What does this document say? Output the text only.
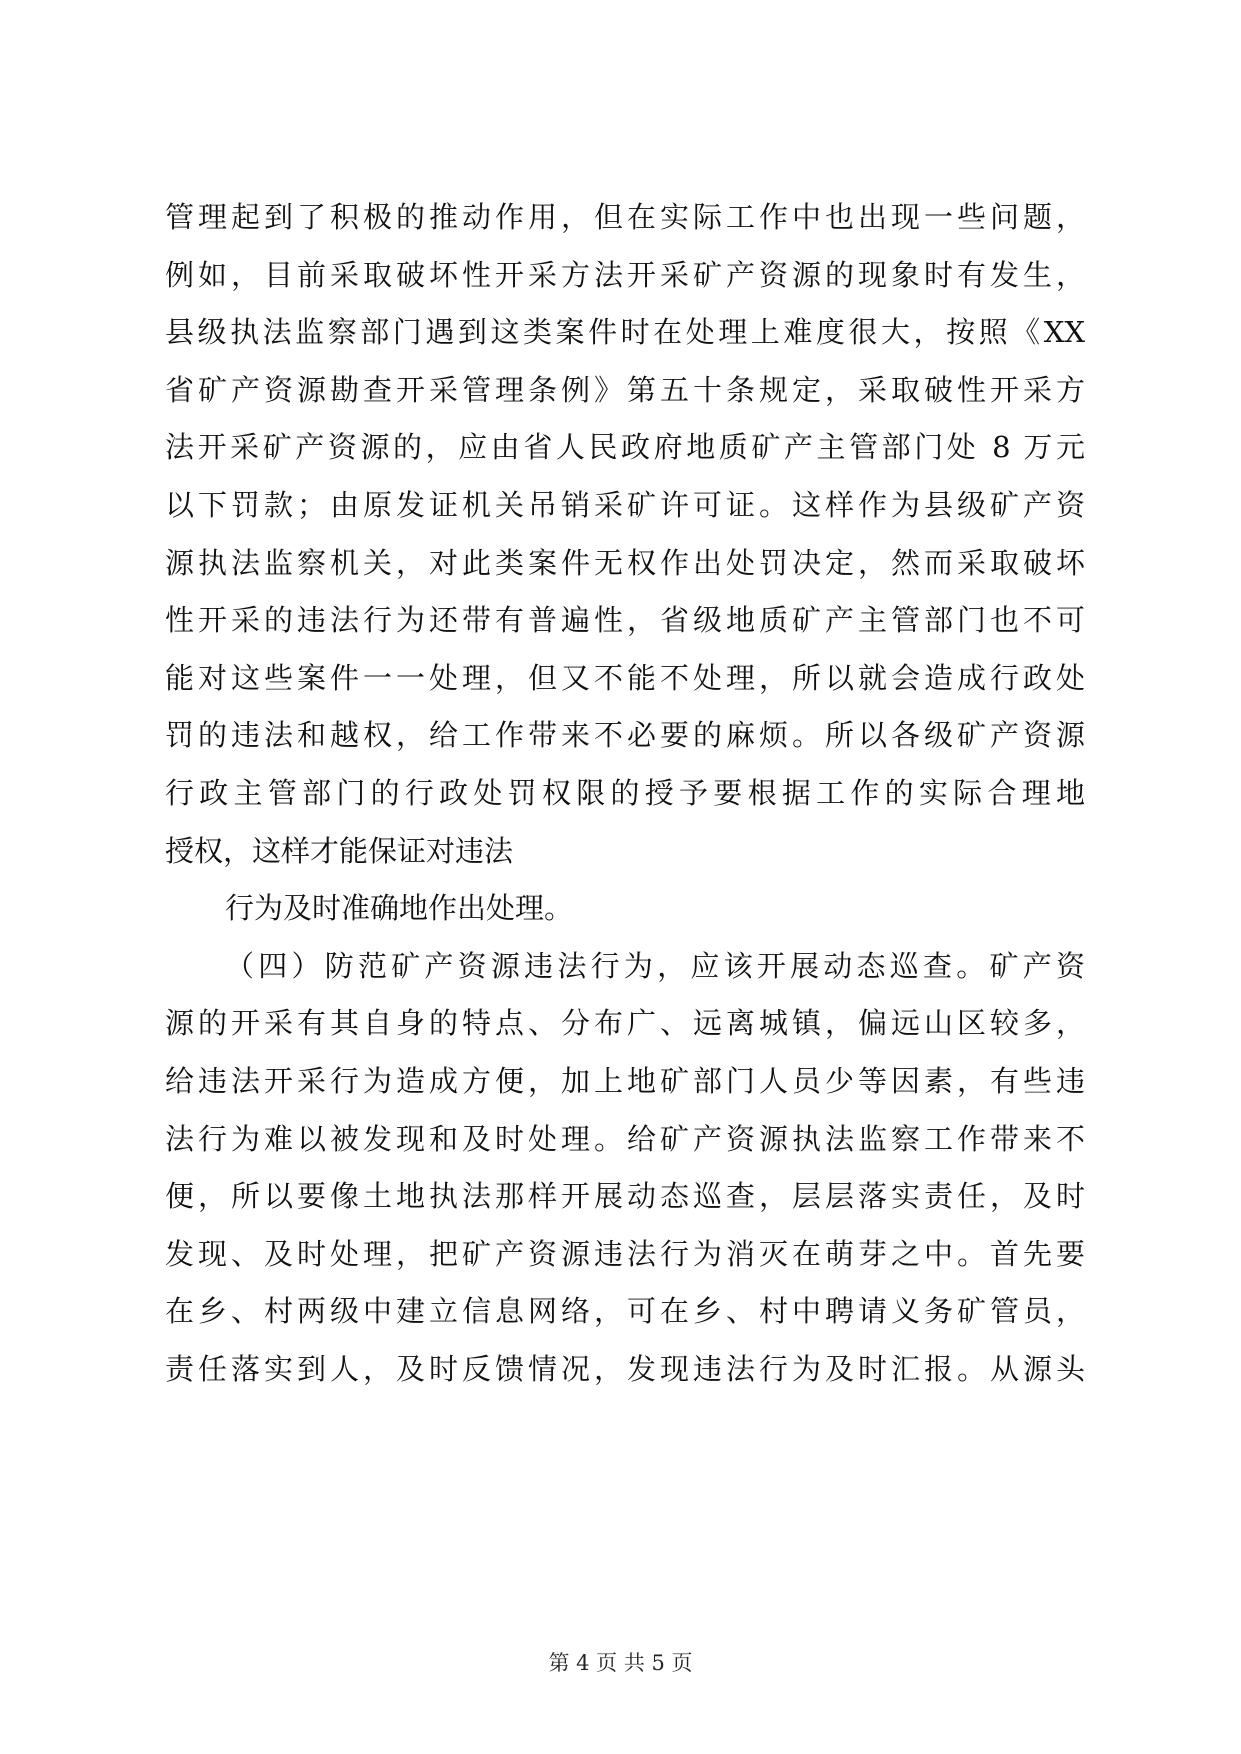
管理起到了积极的推动作用，但在实际工作中也出现一些问题，
例如，目前采取破坏性开采方法开采矿产资源的现象时有发生，
县级执法监察部门遇到这类案件时在处理上难度很大，按照《XX
省矿产资源勘查开采管理条例》第五十条规定，采取破性开采方
法开采矿产资源的，应由省人民政府地质矿产主管部门处 8 万元
以下罚款；由原发证机关吊销采矿许可证。这样作为县级矿产资
源执法监察机关，对此类案件无权作出处罚决定，然而采取破坏
性开采的违法行为还带有普遍性，省级地质矿产主管部门也不可
能对这些案件一一处理，但又不能不处理，所以就会造成行政处
罚的违法和越权，给工作带来不必要的麻烦。所以各级矿产资源
行政主管部门的行政处罚权限的授予要根据工作的实际合理地
授权，这样才能保证对违法
行为及时准确地作出处理。
（四）防范矿产资源违法行为，应该开展动态巡查。矿产资
源的开采有其自身的特点、分布广、远离城镇，偏远山区较多，
给违法开采行为造成方便，加上地矿部门人员少等因素，有些违
法行为难以被发现和及时处理。给矿产资源执法监察工作带来不
便，所以要像土地执法那样开展动态巡查，层层落实责任，及时
发现、及时处理，把矿产资源违法行为消灭在萌芽之中。首先要
在乡、村两级中建立信息网络，可在乡、村中聘请义务矿管员，
责任落实到人，及时反馈情况，发现违法行为及时汇报。从源头
第 4 页 共 5 页
